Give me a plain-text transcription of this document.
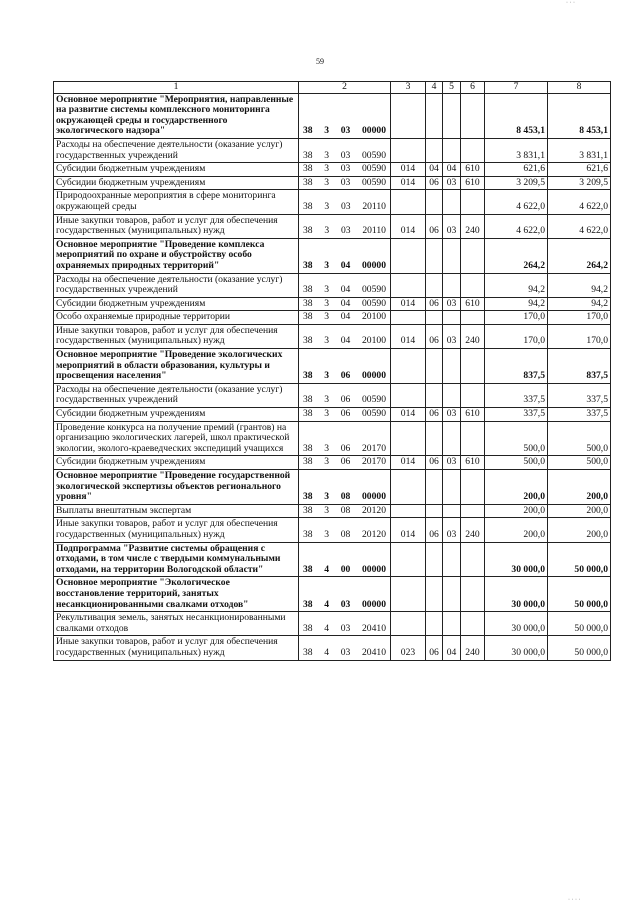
59
1	2	3	4	5	6	7	8
Основное мероприятие "Мероприятия, направленные на развитие системы комплексного мониторинга окружающей среды и государственного экологического надзора"	38 3 03 00000					8 453,1	8 453,1
Расходы на обеспечение деятельности (оказание услуг) государственных учреждений	38 3 03 00590					3 831,1	3 831,1
Субсидии бюджетным учреждениям	38 3 03 00590	014	04	04	610	621,6	621,6
Субсидии бюджетным учреждениям	38 3 03 00590	014	06	03	610	3 209,5	3 209,5
Природоохранные мероприятия в сфере мониторинга окружающей среды	38 3 03 20110					4 622,0	4 622,0
Иные закупки товаров, работ и услуг для обеспечения государственных (муниципальных) нужд	38 3 03 20110	014	06	03	240	4 622,0	4 622,0
Основное мероприятие "Проведение комплекса мероприятий по охране и обустройству особо охраняемых природных территорий"	38 3 04 00000					264,2	264,2
Расходы на обеспечение деятельности (оказание услуг) государственных учреждений	38 3 04 00590					94,2	94,2
Субсидии бюджетным учреждениям	38 3 04 00590	014	06	03	610	94,2	94,2
Особо охраняемые природные территории	38 3 04 20100					170,0	170,0
Иные закупки товаров, работ и услуг для обеспечения государственных (муниципальных) нужд	38 3 04 20100	014	06	03	240	170,0	170,0
Основное мероприятие "Проведение экологических мероприятий в области образования, культуры и просвещения населения"	38 3 06 00000					837,5	837,5
Расходы на обеспечение деятельности (оказание услуг) государственных учреждений	38 3 06 00590					337,5	337,5
Субсидии бюджетным учреждениям	38 3 06 00590	014	06	03	610	337,5	337,5
Проведение конкурса на получение премий (грантов) на организацию экологических лагерей, школ практической экологии, эколого-краеведческих экспедиций учащихся	38 3 06 20170					500,0	500,0
Субсидии бюджетным учреждениям	38 3 06 20170	014	06	03	610	500,0	500,0
Основное мероприятие "Проведение государственной экологической экспертизы объектов регионального уровня"	38 3 08 00000					200,0	200,0
Выплаты внештатным экспертам	38 3 08 20120					200,0	200,0
Иные закупки товаров, работ и услуг для обеспечения государственных (муниципальных) нужд	38 3 08 20120	014	06	03	240	200,0	200,0
Подпрограмма "Развитие системы обращения с отходами, в том числе с твердыми коммунальными отходами, на территории Вологодской области"	38 4 00 00000					30 000,0	50 000,0
Основное мероприятие "Экологическое восстановление территорий, занятых несанкционированными свалками отходов"	38 4 03 00000					30 000,0	50 000,0
Рекультивация земель, занятых несанкционированными свалками отходов	38 4 03 20410					30 000,0	50 000,0
Иные закупки товаров, работ и услуг для обеспечения государственных (муниципальных) нужд	38 4 03 20410	023	06	04	240	30 000,0	50 000,0
· · ·
· · · ·
